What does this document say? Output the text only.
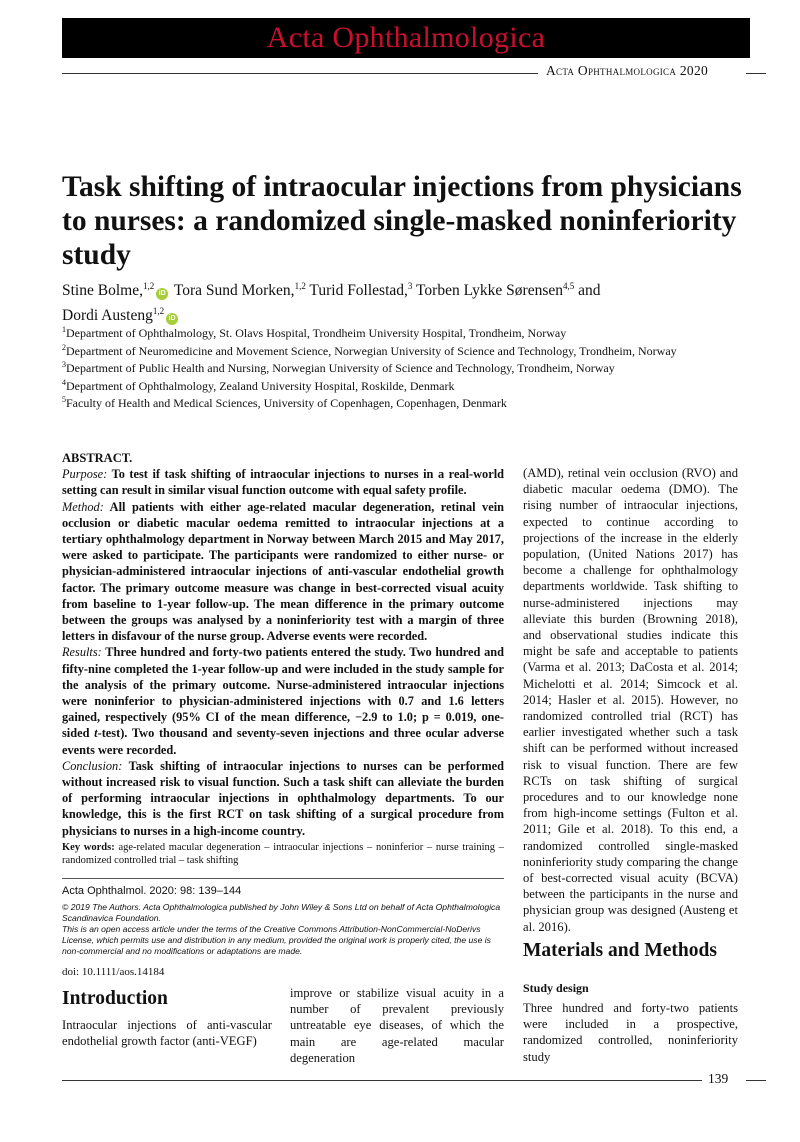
Acta Ophthalmologica
Acta Ophthalmologica 2020
Task shifting of intraocular injections from physicians to nurses: a randomized single-masked noninferiority study
Stine Bolme,$^{1,2}$iD Tora Sund Morken,$^{1,2}$ Turid Follestad,$^3$ Torben Lykke Sørensen$^{4,5}$ and
Dordi Austeng$^{1,2}$iD
$^1$Department of Ophthalmology, St. Olavs Hospital, Trondheim University Hospital, Trondheim, Norway
$^2$Department of Neuromedicine and Movement Science, Norwegian University of Science and Technology, Trondheim, Norway
$^3$Department of Public Health and Nursing, Norwegian University of Science and Technology, Trondheim, Norway
$^4$Department of Ophthalmology, Zealand University Hospital, Roskilde, Denmark
$^5$Faculty of Health and Medical Sciences, University of Copenhagen, Copenhagen, Denmark
ABSTRACT.

Purpose: To test if task shifting of intraocular injections to nurses in a real-world setting can result in similar visual function outcome with equal safety profile.

Method: All patients with either age-related macular degeneration, retinal vein occlusion or diabetic macular oedema remitted to intraocular injections at a tertiary ophthalmology department in Norway between March 2015 and May 2017, were asked to participate. The participants were randomized to either nurse- or physician-administered intraocular injections of anti-vascular endothelial growth factor. The primary outcome measure was change in best-corrected visual acuity from baseline to 1-year follow-up. The mean difference in the primary outcome between the groups was analysed by a noninferiority test with a margin of three letters in disfavour of the nurse group. Adverse events were recorded.

Results: Three hundred and forty-two patients entered the study. Two hundred and fifty-nine completed the 1-year follow-up and were included in the study sample for the analysis of the primary outcome. Nurse-administered intraocular injections were noninferior to physician-administered injections with 0.7 and 1.6 letters gained, respectively (95% CI of the mean difference, −2.9 to 1.0; p = 0.019, one-sided t-test). Two thousand and seventy-seven injections and three ocular adverse events were recorded.

Conclusion: Task shifting of intraocular injections to nurses can be performed without increased risk to visual function. Such a task shift can alleviate the burden of performing intraocular injections in ophthalmology departments. To our knowledge, this is the first RCT on task shifting of a surgical procedure from physicians to nurses in a high-income country.

Key words: age-related macular degeneration – intraocular injections – noninferior – nurse training – randomized controlled trial – task shifting
Acta Ophthalmol. 2020: 98: 139–144

© 2019 The Authors. Acta Ophthalmologica published by John Wiley & Sons Ltd on behalf of Acta Ophthalmologica Scandinavica Foundation.

This is an open access article under the terms of the Creative Commons Attribution-NonCommercial-NoDerivs License, which permits use and distribution in any medium, provided the original work is properly cited, the use is non-commercial and no modifications or adaptations are made.

doi: 10.1111/aos.14184
Introduction

Intraocular injections of anti-vascular endothelial growth factor (anti-VEGF)

improve or stabilize visual acuity in a number of prevalent previously untreatable eye diseases, of which the main are age-related macular degeneration

(AMD), retinal vein occlusion (RVO) and diabetic macular oedema (DMO). The rising number of intraocular injections, expected to continue according to projections of the increase in the elderly population, (United Nations 2017) has become a challenge for ophthalmology departments worldwide. Task shifting to nurse-administered injections may alleviate this burden (Browning 2018), and observational studies indicate this might be safe and acceptable to patients (Varma et al. 2013; DaCosta et al. 2014; Michelotti et al. 2014; Simcock et al. 2014; Hasler et al. 2015). However, no randomized controlled trial (RCT) has earlier investigated whether such a task shift can be performed without increased risk to visual function. There are few RCTs on task shifting of surgical procedures and to our knowledge none from high-income settings (Fulton et al. 2011; Gile et al. 2018). To this end, a randomized controlled single-masked noninferiority study comparing the change of best-corrected visual acuity (BCVA) between the participants in the nurse and physician group was designed (Austeng et al. 2016).

Materials and Methods
Study design

Three hundred and forty-two patients were included in a prospective, randomized controlled, noninferiority study

139
